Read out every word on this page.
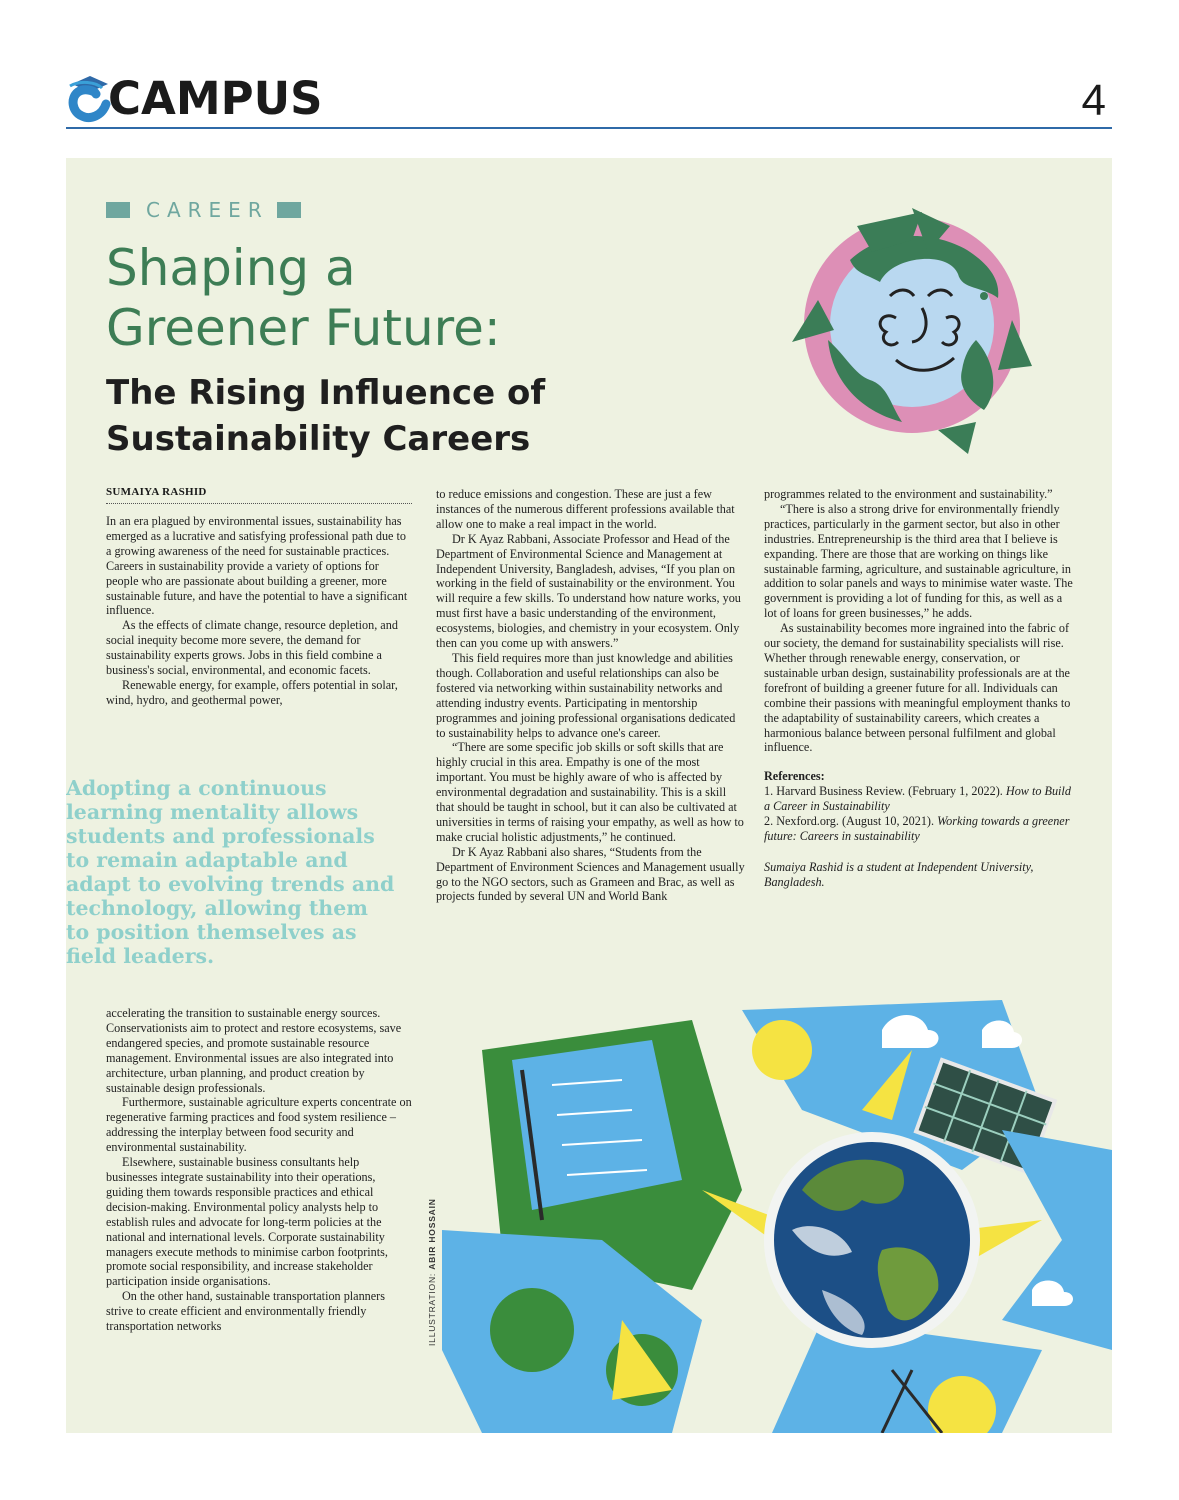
CAMPUS	4
CAREER
Shaping a
Greener Future:
The Rising Influence of
Sustainability Careers
SUMAIYA RASHID

In an era plagued by environmental issues, sustainability has emerged as a lucrative and satisfying professional path due to a growing awareness of the need for sustainable practices. Careers in sustainability provide a variety of options for people who are passionate about building a greener, more sustainable future, and have the potential to have a significant influence.

As the effects of climate change, resource depletion, and social inequity become more severe, the demand for sustainability experts grows. Jobs in this field combine a business's social, environmental, and economic facets.

Renewable energy, for example, offers potential in solar, wind, hydro, and geothermal power,

Adopting a continuous learning mentality allows students and professionals to remain adaptable and adapt to evolving trends and technology, allowing them to position themselves as field leaders.

accelerating the transition to sustainable energy sources. Conservationists aim to protect and restore ecosystems, save endangered species, and promote sustainable resource management. Environmental issues are also integrated into architecture, urban planning, and product creation by sustainable design professionals.

Furthermore, sustainable agriculture experts concentrate on regenerative farming practices and food system resilience – addressing the interplay between food security and environmental sustainability.

Elsewhere, sustainable business consultants help businesses integrate sustainability into their operations, guiding them towards responsible practices and ethical decision-making. Environmental policy analysts help to establish rules and advocate for long-term policies at the national and international levels. Corporate sustainability managers execute methods to minimise carbon footprints, promote social responsibility, and increase stakeholder participation inside organisations.

On the other hand, sustainable transportation planners strive to create efficient and environmentally friendly transportation networks

to reduce emissions and congestion. These are just a few instances of the numerous different professions available that allow one to make a real impact in the world.

Dr K Ayaz Rabbani, Associate Professor and Head of the Department of Environmental Science and Management at Independent University, Bangladesh, advises, “If you plan on working in the field of sustainability or the environment. You will require a few skills. To understand how nature works, you must first have a basic understanding of the environment, ecosystems, biologies, and chemistry in your ecosystem. Only then can you come up with answers.”

This field requires more than just knowledge and abilities though. Collaboration and useful relationships can also be fostered via networking within sustainability networks and attending industry events. Participating in mentorship programmes and joining professional organisations dedicated to sustainability helps to advance one's career.

“There are some specific job skills or soft skills that are highly crucial in this area. Empathy is one of the most important. You must be highly aware of who is affected by environmental degradation and sustainability. This is a skill that should be taught in school, but it can also be cultivated at universities in terms of raising your empathy, as well as how to make crucial holistic adjustments,” he continued.

Dr K Ayaz Rabbani also shares, “Students from the Department of Environment Sciences and Management usually go to the NGO sectors, such as Grameen and Brac, as well as projects funded by several UN and World Bank

programmes related to the environment and sustainability.”

“There is also a strong drive for environmentally friendly practices, particularly in the garment sector, but also in other industries. Entrepreneurship is the third area that I believe is expanding. There are those that are working on things like sustainable farming, agriculture, and sustainable agriculture, in addition to solar panels and ways to minimise water waste. The government is providing a lot of funding for this, as well as a lot of loans for green businesses,” he adds.

As sustainability becomes more ingrained into the fabric of our society, the demand for sustainability specialists will rise. Whether through renewable energy, conservation, or sustainable urban design, sustainability professionals are at the forefront of building a greener future for all. Individuals can combine their passions with meaningful employment thanks to the adaptability of sustainability careers, which creates a harmonious balance between personal fulfilment and global influence.

References:

1. Harvard Business Review. (February 1, 2022). How to Build a Career in Sustainability

2. Nexford.org. (August 10, 2021). Working towards a greener future: Careers in sustainability

Sumaiya Rashid is a student at Independent University, Bangladesh.

ILLUSTRATION: ABIR HOSSAIN
